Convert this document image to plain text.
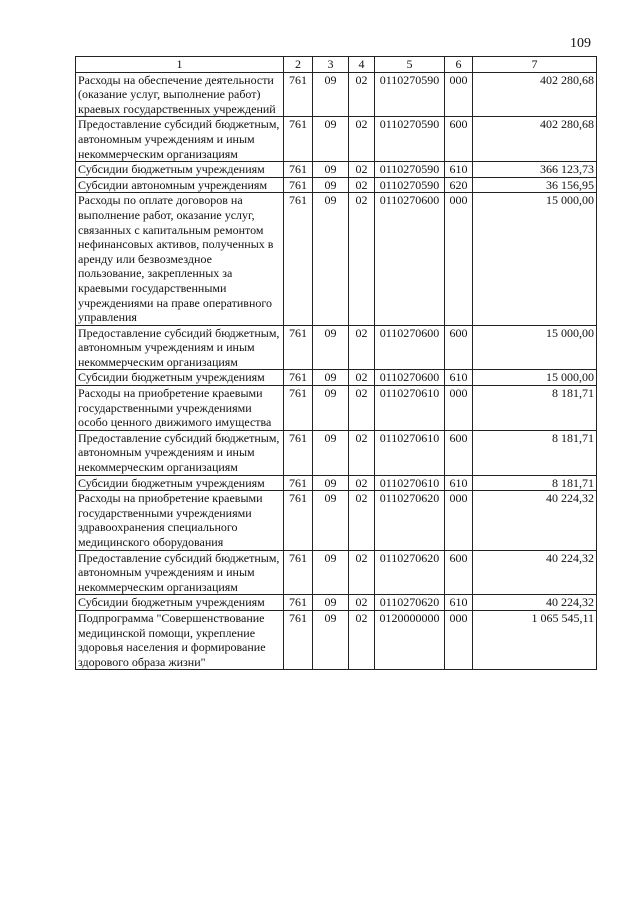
109
1	2	3	4	5	6	7
Расходы на обеспечение деятельности (оказание услуг, выполнение работ) краевых государственных учреждений	761	09	02	0110270590	000	402 280,68
Предоставление субсидий бюджетным, автономным учреждениям и иным некоммерческим организациям	761	09	02	0110270590	600	402 280,68
Субсидии бюджетным учреждениям	761	09	02	0110270590	610	366 123,73
Субсидии автономным учреждениям	761	09	02	0110270590	620	36 156,95
Расходы по оплате договоров на выполнение работ, оказание услуг, связанных с капитальным ремонтом нефинансовых активов, полученных в аренду или безвозмездное пользование, закрепленных за краевыми государственными учреждениями на праве оперативного управления	761	09	02	0110270600	000	15 000,00
Предоставление субсидий бюджетным, автономным учреждениям и иным некоммерческим организациям	761	09	02	0110270600	600	15 000,00
Субсидии бюджетным учреждениям	761	09	02	0110270600	610	15 000,00
Расходы на приобретение краевыми государственными учреждениями особо ценного движимого имущества	761	09	02	0110270610	000	8 181,71
Предоставление субсидий бюджетным, автономным учреждениям и иным некоммерческим организациям	761	09	02	0110270610	600	8 181,71
Субсидии бюджетным учреждениям	761	09	02	0110270610	610	8 181,71
Расходы на приобретение краевыми государственными учреждениями здравоохранения специального медицинского оборудования	761	09	02	0110270620	000	40 224,32
Предоставление субсидий бюджетным, автономным учреждениям и иным некоммерческим организациям	761	09	02	0110270620	600	40 224,32
Субсидии бюджетным учреждениям	761	09	02	0110270620	610	40 224,32
Подпрограмма "Совершенствование медицинской помощи, укрепление здоровья населения и формирование здорового образа жизни"	761	09	02	0120000000	000	1 065 545,11
